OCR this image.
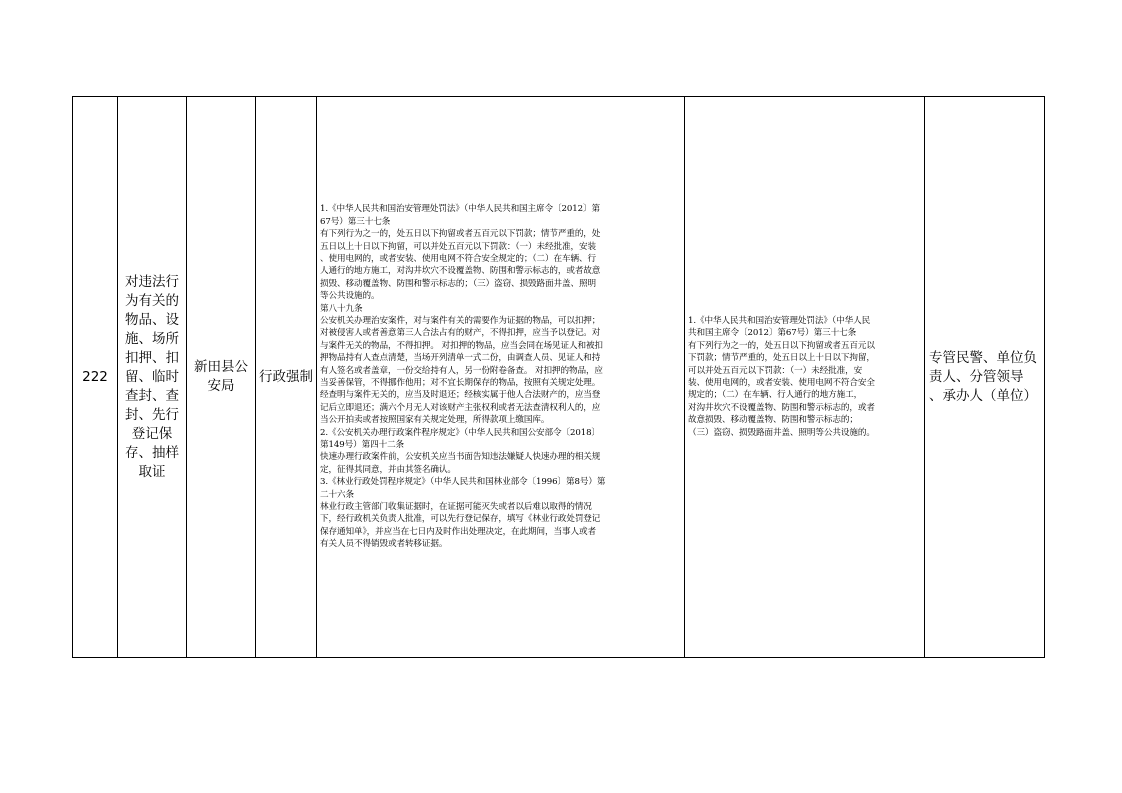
222

对违法行为有关的物品、设施、场所扣押、扣留、临时查封、查封、先行登记保存、抽样取证

新田县公安局

行政强制

1.《中华人民共和国治安管理处罚法》（中华人民共和国主席令〔2012〕第
67号）第三十七条
有下列行为之一的，处五日以下拘留或者五百元以下罚款；情节严重的，处
五日以上十日以下拘留，可以并处五百元以下罚款：（一）未经批准，安装
、使用电网的，或者安装、使用电网不符合安全规定的；（二）在车辆、行
人通行的地方施工，对沟井坎穴不设覆盖物、防围和警示标志的，或者故意
损毁、移动覆盖物、防围和警示标志的；（三）盗窃、损毁路面井盖、照明
等公共设施的。
第八十九条
公安机关办理治安案件，对与案件有关的需要作为证据的物品，可以扣押；
对被侵害人或者善意第三人合法占有的财产，不得扣押，应当予以登记。对
与案件无关的物品，不得扣押。 对扣押的物品，应当会同在场见证人和被扣
押物品持有人查点清楚，当场开列清单一式二份，由调查人员、见证人和持
有人签名或者盖章，一份交给持有人，另一份附卷备查。 对扣押的物品，应
当妥善保管，不得挪作他用；对不宜长期保存的物品，按照有关规定处理。
经查明与案件无关的，应当及时退还；经核实属于他人合法财产的，应当登
记后立即退还；满六个月无人对该财产主张权利或者无法查清权利人的，应
当公开拍卖或者按照国家有关规定处理，所得款项上缴国库。
2.《公安机关办理行政案件程序规定》（中华人民共和国公安部令〔2018〕
第149号）第四十二条
快速办理行政案件前，公安机关应当书面告知违法嫌疑人快速办理的相关规
定，征得其同意，并由其签名确认。
3.《林业行政处罚程序规定》（中华人民共和国林业部令〔1996〕第8号）第
二十六条
林业行政主管部门收集证据时，在证据可能灭失或者以后难以取得的情况
下，经行政机关负责人批准，可以先行登记保存，填写《林业行政处罚登记
保存通知单》，并应当在七日内及时作出处理决定，在此期间，当事人或者
有关人员不得销毁或者转移证据。

1.《中华人民共和国治安管理处罚法》（中华人民
共和国主席令〔2012〕第67号）第三十七条
有下列行为之一的，处五日以下拘留或者五百元以
下罚款；情节严重的，处五日以上十日以下拘留，
可以并处五百元以下罚款：（一）未经批准，安
装、使用电网的，或者安装、使用电网不符合安全
规定的；（二）在车辆、行人通行的地方施工，
对沟井坎穴不设覆盖物、防围和警示标志的，或者
故意损毁、移动覆盖物、防围和警示标志的；
（三）盗窃、损毁路面井盖、照明等公共设施的。

专管民警、单位负责人、分管领导 、承办人（单位）
